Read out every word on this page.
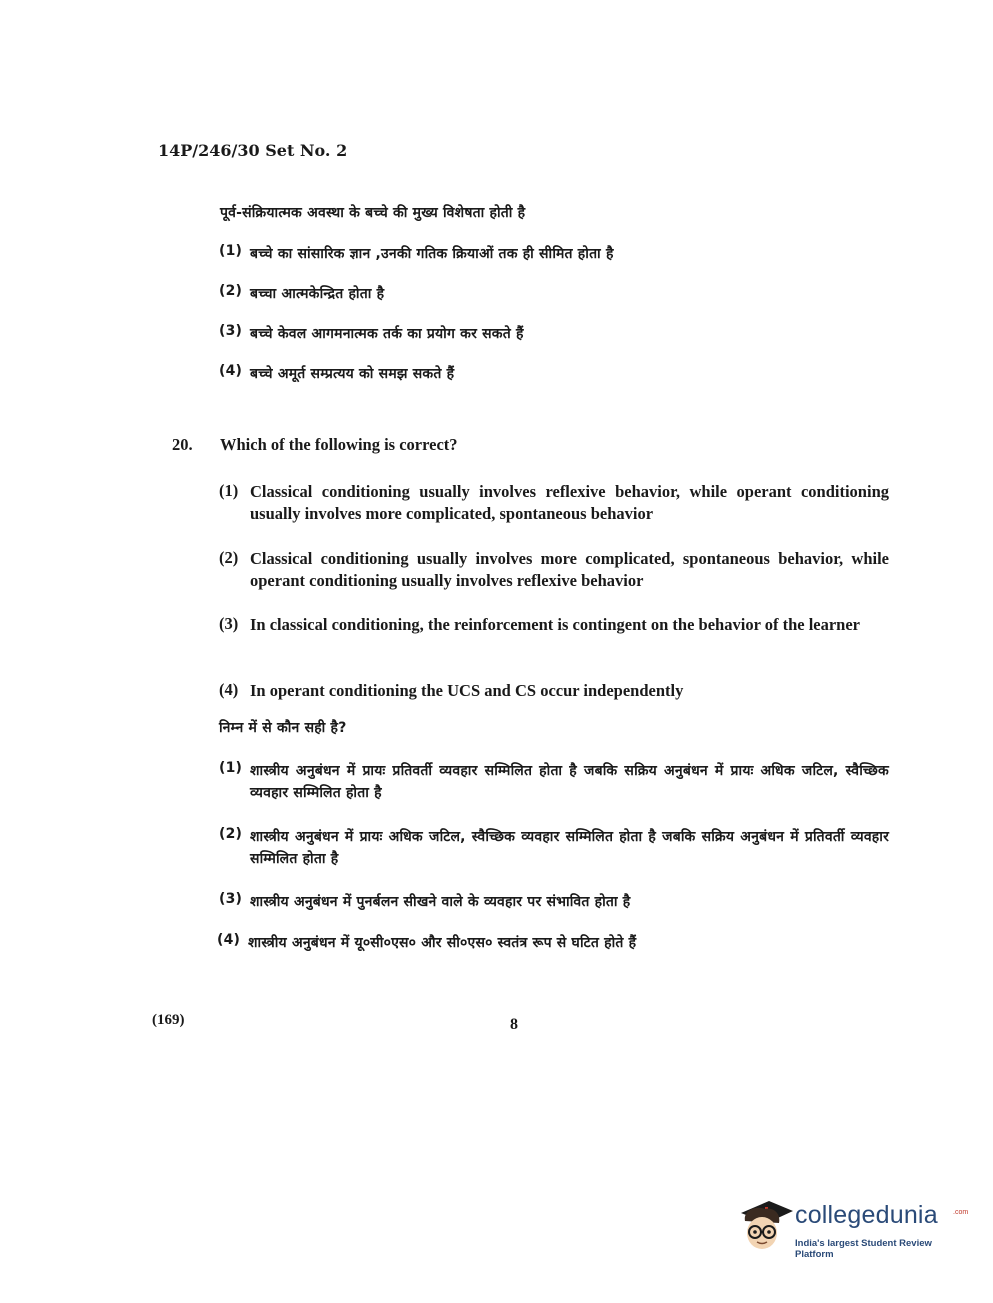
14P/246/30 Set No. 2
पूर्व-संक्रियात्मक अवस्था के बच्चे की मुख्य विशेषता होती है
(1) बच्चे का सांसारिक ज्ञान ,उनकी गतिक क्रियाओं तक ही सीमित होता है
(2) बच्चा आत्मकेन्द्रित होता है
(3) बच्चे केवल आगमनात्मक तर्क का प्रयोग कर सकते हैं
(4) बच्चे अमूर्त सम्प्रत्यय को समझ सकते हैं
20. Which of the following is correct?
(1) Classical conditioning usually involves reflexive behavior, while operant conditioning usually involves more complicated, spontaneous behavior
(2) Classical conditioning usually involves more complicated, spontaneous behavior, while operant conditioning usually involves reflexive behavior
(3) In classical conditioning, the reinforcement is contingent on the behavior of the learner
(4) In operant conditioning the UCS and CS occur independently
निम्न में से कौन सही है?
(1) शास्त्रीय अनुबंधन में प्रायः प्रतिवर्ती व्यवहार सम्मिलित होता है जबकि सक्रिय अनुबंधन में प्रायः अधिक जटिल, स्वैच्छिक व्यवहार सम्मिलित होता है
(2) शास्त्रीय अनुबंधन में प्रायः अधिक जटिल, स्वैच्छिक व्यवहार सम्मिलित होता है जबकि सक्रिय अनुबंधन में प्रतिवर्ती व्यवहार सम्मिलित होता है
(3) शास्त्रीय अनुबंधन में पुनर्बलन सीखने वाले के व्यवहार पर संभावित होता है
(4) शास्त्रीय अनुबंधन में यू०सी०एस० और सी०एस० स्वतंत्र रूप से घटित होते हैं
(169)	8
collegedunia .com
India's largest Student Review Platform
